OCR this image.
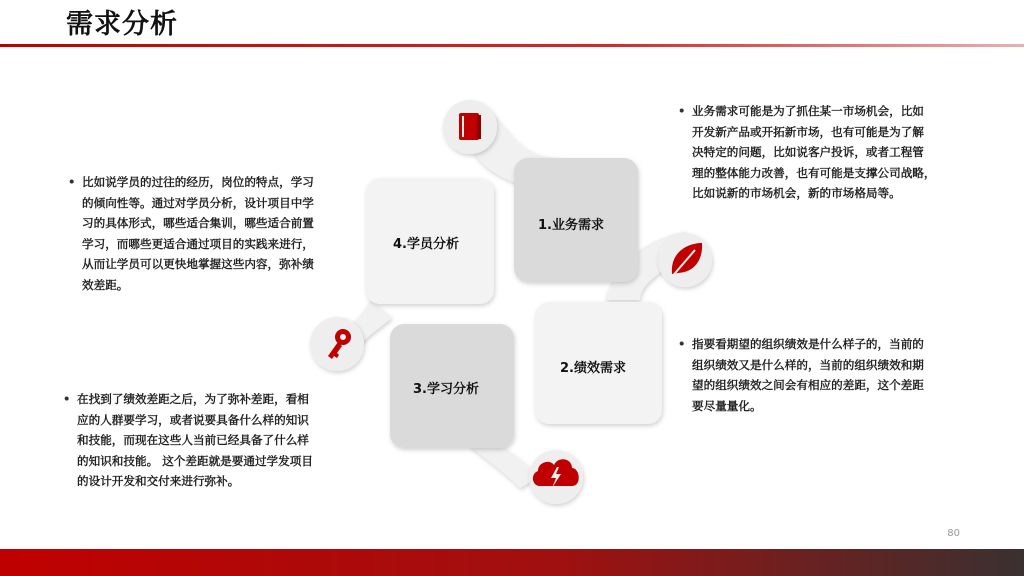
需求分析
1.业务需求
2.绩效需求
3.学习分析
4.学员分析
• 业务需求可能是为了抓住某一市场机会，比如
开发新产品或开拓新市场，也有可能是为了解
决特定的问题，比如说客户投诉，或者工程管
理的整体能力改善，也有可能是支撑公司战略，
比如说新的市场机会，新的市场格局等。
• 比如说学员的过往的经历，岗位的特点，学习
的倾向性等。通过对学员分析，设计项目中学
习的具体形式，哪些适合集训，哪些适合前置
学习，而哪些更适合通过项目的实践来进行，
从而让学员可以更快地掌握这些内容，弥补绩
效差距。
• 指要看期望的组织绩效是什么样子的，当前的
组织绩效又是什么样的，当前的组织绩效和期
望的组织绩效之间会有相应的差距，这个差距
要尽量量化。
• 在找到了绩效差距之后，为了弥补差距，看相
应的人群要学习，或者说要具备什么样的知识
和技能，而现在这些人当前已经具备了什么样
的知识和技能。 这个差距就是要通过学发项目
的设计开发和交付来进行弥补。
80
